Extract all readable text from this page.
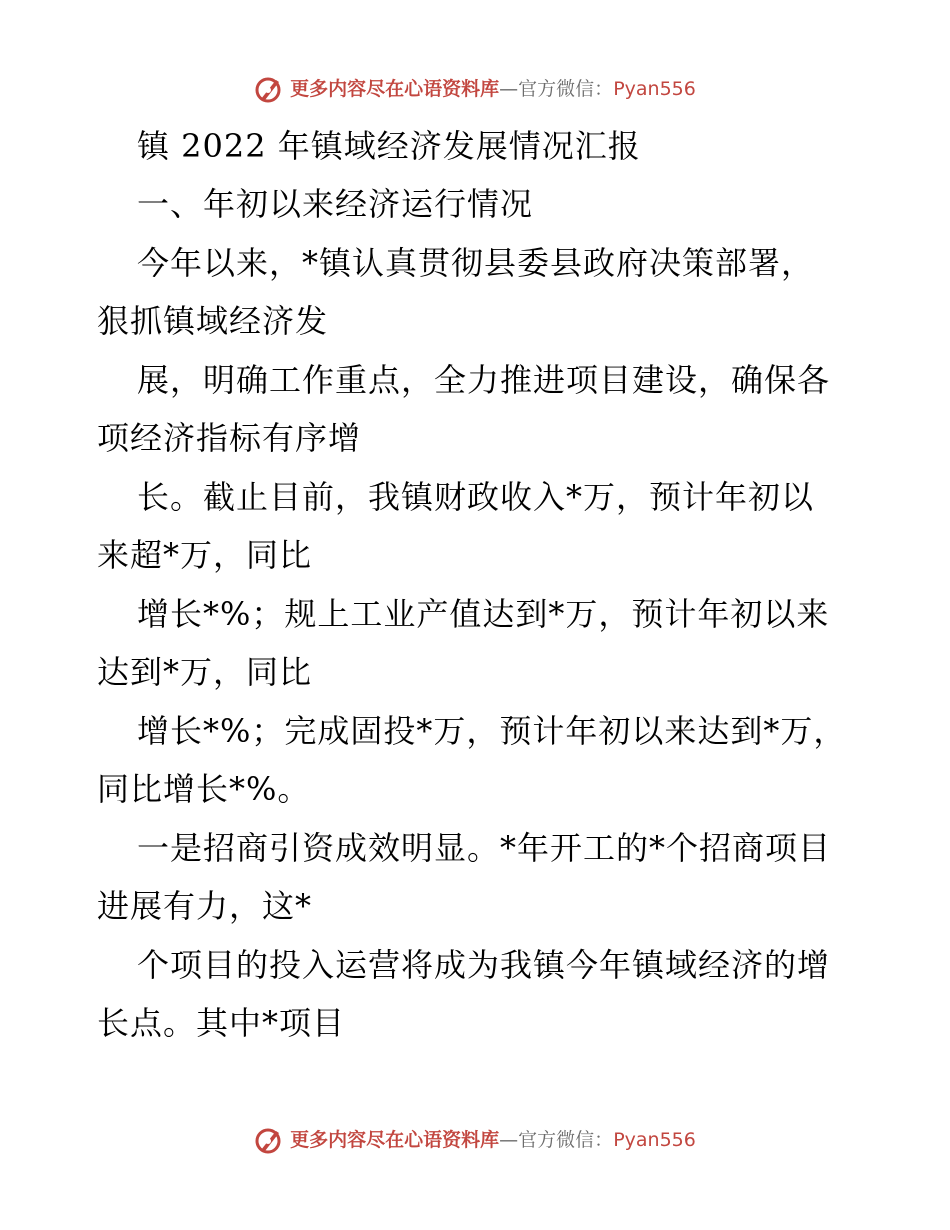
更多内容尽在心语资料库 —官方微信： Pyan556
镇 2022 年镇域经济发展情况汇报
一、年初以来经济运行情况
今年以来，*镇认真贯彻县委县政府决策部署，
狠抓镇域经济发
展，明确工作重点，全力推进项目建设，确保各
项经济指标有序增
长。截止目前，我镇财政收入*万，预计年初以
来超*万，同比
增长*%；规上工业产值达到*万，预计年初以来
达到*万，同比
增长*%；完成固投*万，预计年初以来达到*万，
同比增长*%。
一是招商引资成效明显。*年开工的*个招商项目
进展有力，这*
个项目的投入运营将成为我镇今年镇域经济的增
长点。其中*项目
更多内容尽在心语资料库 —官方微信： Pyan556
